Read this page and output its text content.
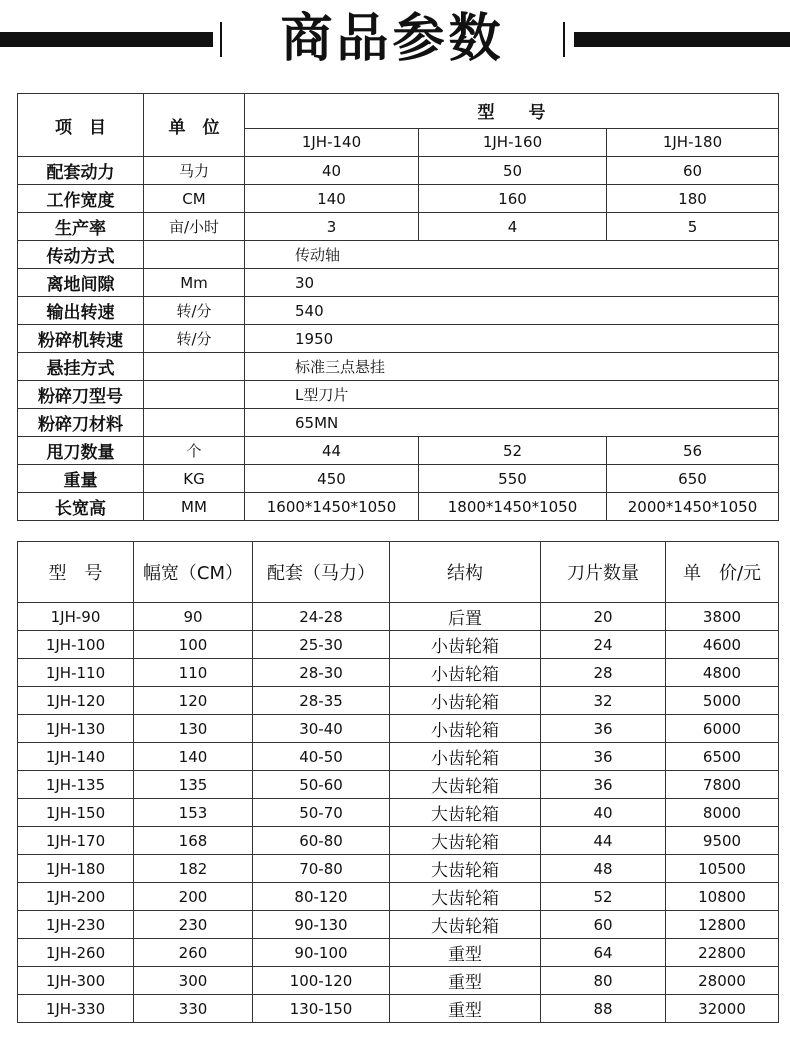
商品参数
项　目	单　位	型　　号		
		1JH-140	1JH-160	1JH-180
配套动力	马力	40	50	60
工作宽度	CM	140	160	180
生产率	亩/小时	3	4	5
传动方式		传动轴		
离地间隙	Mm	30		
输出转速	转/分	540		
粉碎机转速	转/分	1950		
悬挂方式		标准三点悬挂		
粉碎刀型号		L型刀片		
粉碎刀材料		65MN		
甩刀数量	个	44	52	56
重量	KG	450	550	650
长宽高	MM	1600*1450*1050	1800*1450*1050	2000*1450*1050
型　号	幅宽（CM）	配套（马力）	结构	刀片数量	单　价/元
1JH-90	90	24-28	后置	20	3800
1JH-100	100	25-30	小齿轮箱	24	4600
1JH-110	110	28-30	小齿轮箱	28	4800
1JH-120	120	28-35	小齿轮箱	32	5000
1JH-130	130	30-40	小齿轮箱	36	6000
1JH-140	140	40-50	小齿轮箱	36	6500
1JH-135	135	50-60	大齿轮箱	36	7800
1JH-150	153	50-70	大齿轮箱	40	8000
1JH-170	168	60-80	大齿轮箱	44	9500
1JH-180	182	70-80	大齿轮箱	48	10500
1JH-200	200	80-120	大齿轮箱	52	10800
1JH-230	230	90-130	大齿轮箱	60	12800
1JH-260	260	90-100	重型	64	22800
1JH-300	300	100-120	重型	80	28000
1JH-330	330	130-150	重型	88	32000
